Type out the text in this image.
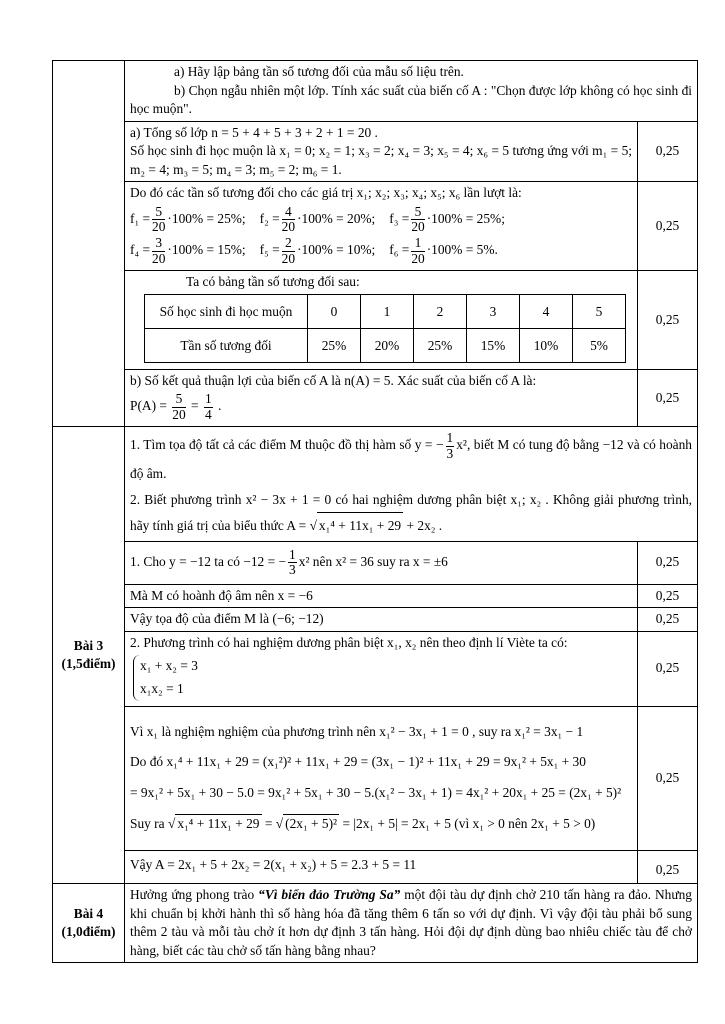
a) Hãy lập bảng tần số tương đối của mẫu số liệu trên.
b) Chọn ngẫu nhiên một lớp. Tính xác suất của biến cố A : "Chọn được lớp không có học sinh đi học muộn".

a) Tổng số lớp n = 5 + 4 + 5 + 3 + 2 + 1 = 20 .
Số học sinh đi học muộn là x₁ = 0; x₂ = 1; x₃ = 2; x₄ = 3; x₅ = 4; x₆ = 5 tương ứng với m₁ = 5; m₂ = 4; m₃ = 5; m₄ = 3; m₅ = 2; m₆ = 1.
	0,25

Do đó các tần số tương đối cho các giá trị x₁; x₂; x₃; x₄; x₅; x₆ lần lượt là:
$f_1 = \frac{5}{20} \cdot 100\% = 25\%$; $f_2 = \frac{4}{20} \cdot 100\% = 20\%$; $f_3 = \frac{5}{20} \cdot 100\% = 25\%$;
$f_4 = \frac{3}{20} \cdot 100\% = 15\%$; $f_5 = \frac{2}{20} \cdot 100\% = 10\%$; $f_6 = \frac{1}{20} \cdot 100\% = 5\%$.
	0,25

Ta có bảng tần số tương đối sau:
Số học sinh đi học muộn	0	1	2	3	4	5
Tần số tương đối	25%	20%	25%	15%	10%	5%
	0,25

b) Số kết quả thuận lợi của biến cố A là n(A) = 5. Xác suất của biến cố A là:
$P(A) = \frac{5}{20} = \frac{1}{4}$ .
	0,25

Bài 3
(1,5điểm)

1. Tìm tọa độ tất cả các điểm M thuộc đồ thị hàm số y = − $\frac{1}{3} x^2$, biết M có tung độ bằng −12 và có hoành độ âm.
2. Biết phương trình x² − 3x + 1 = 0 có hai nghiệm dương phân biệt x₁; x₂ . Không giải phương trình, hãy tính giá trị của biểu thức A = √ x₁⁴ + 11x₁ + 29 + 2x₂ .

1. Cho y = −12 ta có −12 = − $\frac{1}{3} x^2$ nên x² = 36 suy ra x = ±6	0,25
Mà M có hoành độ âm nên x = −6	0,25
Vậy tọa độ của điểm M là (−6; −12)	0,25

2. Phương trình có hai nghiệm dương phân biệt x₁, x₂ nên theo định lí Viète ta có:
x₁ + x₂ = 3
x₁x₂ = 1
	0,25

Vì x₁ là nghiệm nghiệm của phương trình nên x₁² − 3x₁ + 1 = 0 , suy ra x₁² = 3x₁ − 1
Do đó x₁⁴ + 11x₁ + 29 = (x₁²)² + 11x₁ + 29 = (3x₁ − 1)² + 11x₁ + 29 = 9x₁² + 5x₁ + 30
= 9x₁² + 5x₁ + 30 − 5.0 = 9x₁² + 5x₁ + 30 − 5.(x₁² − 3x₁ + 1) = 4x₁² + 20x₁ + 25 = (2x₁ + 5)²
Suy ra √ x₁⁴ + 11x₁ + 29 = √ (2x₁ + 5)² = |2x₁ + 5| = 2x₁ + 5 (vì x₁ > 0 nên 2x₁ + 5 > 0)
	0,25
Vậy A = 2x₁ + 5 + 2x₂ = 2(x₁ + x₂) + 5 = 2.3 + 5 = 11	0,25

Bài 4
(1,0điểm)
	Hưởng ứng phong trào “Vì biển đảo Trường Sa” một đội tàu dự định chở 210 tấn hàng ra đảo. Nhưng khi chuẩn bị khởi hành thì số hàng hóa đã tăng thêm 6 tấn so với dự định. Vì vậy đội tàu phải bổ sung thêm 2 tàu và mỗi tàu chở ít hơn dự định 3 tấn hàng. Hỏi đội dự định dùng bao nhiêu chiếc tàu để chở hàng, biết các tàu chở số tấn hàng bằng nhau?
